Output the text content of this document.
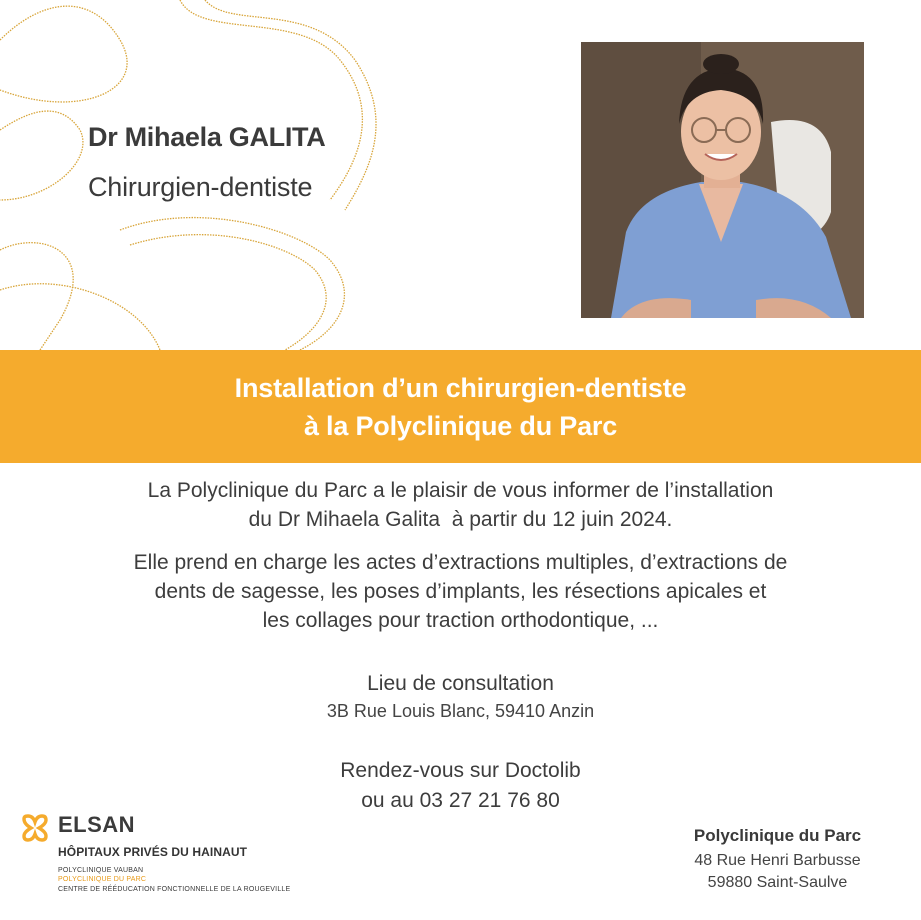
Dr Mihaela GALITA
Chirurgien-dentiste
Installation d’un chirurgien-dentiste
à la Polyclinique du Parc
La Polyclinique du Parc a le plaisir de vous informer de l’installation
du Dr Mihaela Galita  à partir du 12 juin 2024.
Elle prend en charge les actes d’extractions multiples, d’extractions de
dents de sagesse, les poses d’implants, les résections apicales et
les collages pour traction orthodontique, ...
Lieu de consultation
3B Rue Louis Blanc, 59410 Anzin
Rendez-vous sur Doctolib
ou au 03 27 21 76 80
ELSAN
HÔPITAUX PRIVÉS DU HAINAUT
POLYCLINIQUE VAUBAN
POLYCLINIQUE DU PARC
CENTRE DE RÉÉDUCATION FONCTIONNELLE DE LA ROUGEVILLE
Polyclinique du Parc
48 Rue Henri Barbusse
59880 Saint-Saulve
